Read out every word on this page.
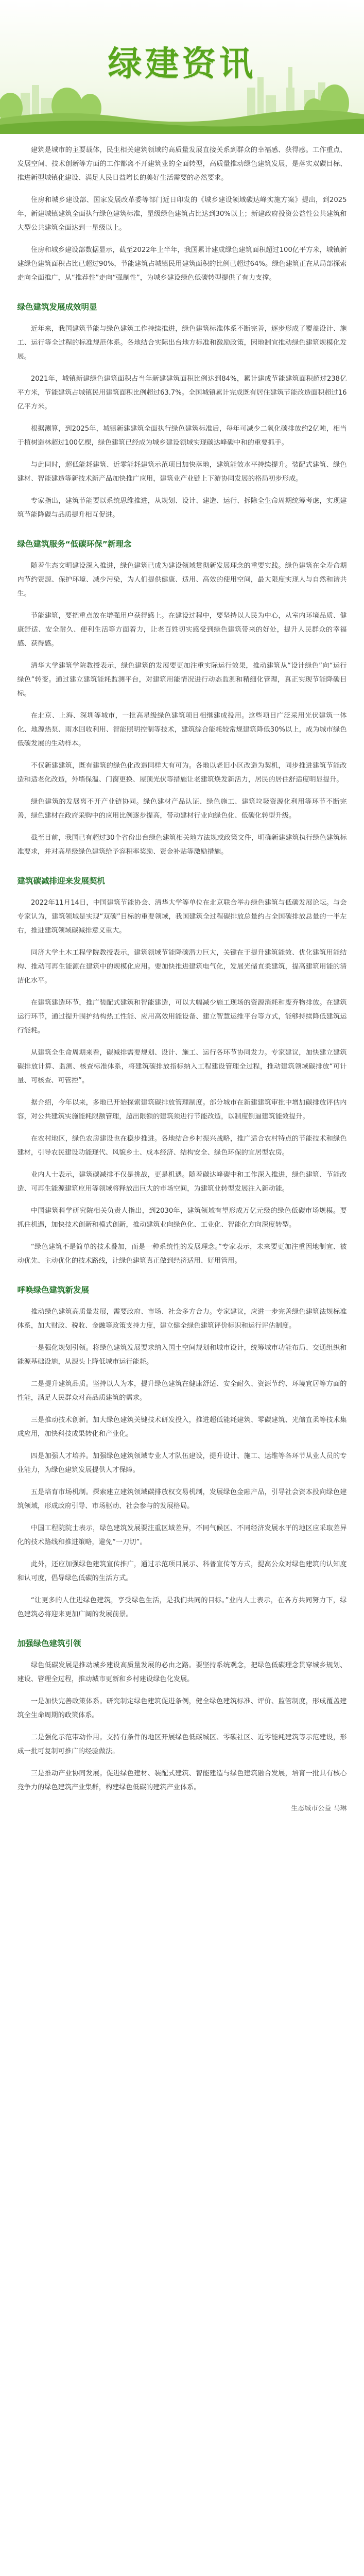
绿建资讯

建筑是城市的主要载体，民生相关建筑领域的高质量发展直接关系到群众的幸福感、获得感。工作重点、发展空间、技术创新等方面的工作都离不开建筑业的全面转型，高质量推动绿色建筑发展，是落实双碳目标、推进新型城镇化建设、满足人民日益增长的美好生活需要的必然要求。

住房和城乡建设部、国家发展改革委等部门近日印发的《城乡建设领域碳达峰实施方案》提出，到2025年，新建城镇建筑全面执行绿色建筑标准，星级绿色建筑占比达到30%以上；新建政府投资公益性公共建筑和大型公共建筑全面达到一星级以上。

住房和城乡建设部数据显示，截至2022年上半年，我国累计建成绿色建筑面积超过100亿平方米，城镇新建绿色建筑面积占比已超过90%，节能建筑占城镇民用建筑面积的比例已超过64%。绿色建筑正在从局部探索走向全面推广，从“推荐性”走向“强制性”，为城乡建设绿色低碳转型提供了有力支撑。

绿色建筑发展成效明显

近年来，我国建筑节能与绿色建筑工作持续推进，绿色建筑标准体系不断完善，逐步形成了覆盖设计、施工、运行等全过程的标准规范体系。各地结合实际出台地方标准和激励政策，因地制宜推动绿色建筑规模化发展。

2021年，城镇新建绿色建筑面积占当年新建建筑面积比例达到84%，累计建成节能建筑面积超过238亿平方米，节能建筑占城镇民用建筑面积比例超过63.7%。全国城镇累计完成既有居住建筑节能改造面积超过16亿平方米。

根据测算，到2025年，城镇新建建筑全面执行绿色建筑标准后，每年可减少二氧化碳排放约2亿吨，相当于植树造林超过100亿棵，绿色建筑已经成为城乡建设领域实现碳达峰碳中和的重要抓手。

与此同时，超低能耗建筑、近零能耗建筑示范项目加快落地，建筑能效水平持续提升。装配式建筑、绿色建材、智能建造等新技术新产品加快推广应用，建筑业产业链上下游协同发展的格局初步形成。

专家指出，建筑节能要以系统思维推进，从规划、设计、建造、运行、拆除全生命周期统筹考虑，实现建筑节能降碳与品质提升相互促进。

绿色建筑服务“低碳环保”新理念

随着生态文明建设深入推进，绿色建筑已成为建设领域贯彻新发展理念的重要实践。绿色建筑在全寿命期内节约资源、保护环境、减少污染，为人们提供健康、适用、高效的使用空间，最大限度实现人与自然和谐共生。

节能建筑，要把重点放在增强用户获得感上。在建设过程中，要坚持以人民为中心，从室内环境品质、健康舒适、安全耐久、便利生活等方面着力，让老百姓切实感受到绿色建筑带来的好处，提升人民群众的幸福感、获得感。

清华大学建筑学院教授表示，绿色建筑的发展要更加注重实际运行效果，推动建筑从“设计绿色”向“运行绿色”转变。通过建立建筑能耗监测平台，对建筑用能情况进行动态监测和精细化管理，真正实现节能降碳目标。

在北京、上海、深圳等城市，一批高星级绿色建筑项目相继建成投用。这些项目广泛采用光伏建筑一体化、地源热泵、雨水回收利用、智能照明控制等技术，建筑综合能耗较常规建筑降低30%以上，成为城市绿色低碳发展的生动样本。

不仅新建建筑，既有建筑的绿色化改造同样大有可为。各地以老旧小区改造为契机，同步推进建筑节能改造和适老化改造，外墙保温、门窗更换、屋顶光伏等措施让老建筑焕发新活力，居民的居住舒适度明显提升。

绿色建筑的发展离不开产业链协同。绿色建材产品认证、绿色施工、建筑垃圾资源化利用等环节不断完善，绿色建材在政府采购中的应用比例逐步提高，带动建材行业向绿色化、低碳化转型升级。

截至目前，我国已有超过30个省份出台绿色建筑相关地方法规或政策文件，明确新建建筑执行绿色建筑标准要求，并对高星级绿色建筑给予容积率奖励、资金补贴等激励措施。

建筑碳减排迎来发展契机

2022年11月14日，中国建筑节能协会、清华大学等单位在北京联合举办绿色建筑与低碳发展论坛。与会专家认为，建筑领域是实现“双碳”目标的重要领域，我国建筑全过程碳排放总量约占全国碳排放总量的一半左右，推进建筑领域碳减排意义重大。

同济大学土木工程学院教授表示，建筑领域节能降碳潜力巨大，关键在于提升建筑能效、优化建筑用能结构、推动可再生能源在建筑中的规模化应用。要加快推进建筑电气化，发展光储直柔建筑，提高建筑用能的清洁化水平。

在建筑建造环节，推广装配式建筑和智能建造，可以大幅减少施工现场的资源消耗和废弃物排放。在建筑运行环节，通过提升围护结构热工性能、应用高效用能设备、建立智慧运维平台等方式，能够持续降低建筑运行能耗。

从建筑全生命周期来看，碳减排需要规划、设计、施工、运行各环节协同发力。专家建议，加快建立建筑碳排放计算、监测、核查标准体系，将建筑碳排放指标纳入工程建设管理全过程，推动建筑领域碳排放“可计量、可核查、可管控”。

据介绍，今年以来，多地已开始探索建筑碳排放管理制度。部分城市在新建建筑审批中增加碳排放评估内容，对公共建筑实施能耗限额管理，超出限额的建筑须进行节能改造，以制度倒逼建筑能效提升。

在农村地区，绿色农房建设也在稳步推进。各地结合乡村振兴战略，推广适合农村特点的节能技术和绿色建材，引导农民建设功能现代、风貌乡土、成本经济、结构安全、绿色环保的宜居型农房。

业内人士表示，建筑碳减排不仅是挑战，更是机遇。随着碳达峰碳中和工作深入推进，绿色建筑、节能改造、可再生能源建筑应用等领域将释放出巨大的市场空间，为建筑业转型发展注入新动能。

中国建筑科学研究院相关负责人指出，到2030年，建筑领域有望形成万亿元级的绿色低碳市场规模。要抓住机遇，加快技术创新和模式创新，推动建筑业向绿色化、工业化、智能化方向深度转型。

“绿色建筑不是简单的技术叠加，而是一种系统性的发展理念。”专家表示，未来要更加注重因地制宜、被动优先、主动优化的技术路线，让绿色建筑真正做到经济适用、好用管用。

呼唤绿色建筑新发展

推动绿色建筑高质量发展，需要政府、市场、社会多方合力。专家建议，应进一步完善绿色建筑法规标准体系，加大财政、税收、金融等政策支持力度，建立健全绿色建筑评价标识和运行评估制度。

一是强化规划引领。将绿色建筑发展要求纳入国土空间规划和城市设计，统筹城市功能布局、交通组织和能源基础设施，从源头上降低城市运行能耗。

二是提升建筑品质。坚持以人为本，提升绿色建筑在健康舒适、安全耐久、资源节约、环境宜居等方面的性能，满足人民群众对高品质建筑的需求。

三是推动技术创新。加大绿色建筑关键技术研发投入，推进超低能耗建筑、零碳建筑、光储直柔等技术集成应用，加快科技成果转化和产业化。

四是加强人才培养。加强绿色建筑领域专业人才队伍建设，提升设计、施工、运维等各环节从业人员的专业能力，为绿色建筑发展提供人才保障。

五是培育市场机制。探索建立建筑领域碳排放权交易机制，发展绿色金融产品，引导社会资本投向绿色建筑领域，形成政府引导、市场驱动、社会参与的发展格局。

中国工程院院士表示，绿色建筑发展要注重区域差异，不同气候区、不同经济发展水平的地区应采取差异化的技术路线和推进策略，避免“一刀切”。

此外，还应加强绿色建筑宣传推广，通过示范项目展示、科普宣传等方式，提高公众对绿色建筑的认知度和认可度，倡导绿色低碳的生活方式。

“让更多的人住进绿色建筑，享受绿色生活，是我们共同的目标。”业内人士表示，在各方共同努力下，绿色建筑必将迎来更加广阔的发展前景。

加强绿色建筑引领

绿色低碳发展是推动城乡建设高质量发展的必由之路。要坚持系统观念，把绿色低碳理念贯穿城乡规划、建设、管理全过程，推动城市更新和乡村建设绿色化发展。

一是加快完善政策体系。研究制定绿色建筑促进条例，健全绿色建筑标准、评价、监管制度，形成覆盖建筑全生命周期的政策体系。

二是强化示范带动作用。支持有条件的地区开展绿色低碳城区、零碳社区、近零能耗建筑等示范建设，形成一批可复制可推广的经验做法。

三是推动产业协同发展。促进绿色建材、装配式建筑、智能建造与绿色建筑融合发展，培育一批具有核心竞争力的绿色建筑产业集群，构建绿色低碳的建筑产业体系。

生态城市公益 马琳
